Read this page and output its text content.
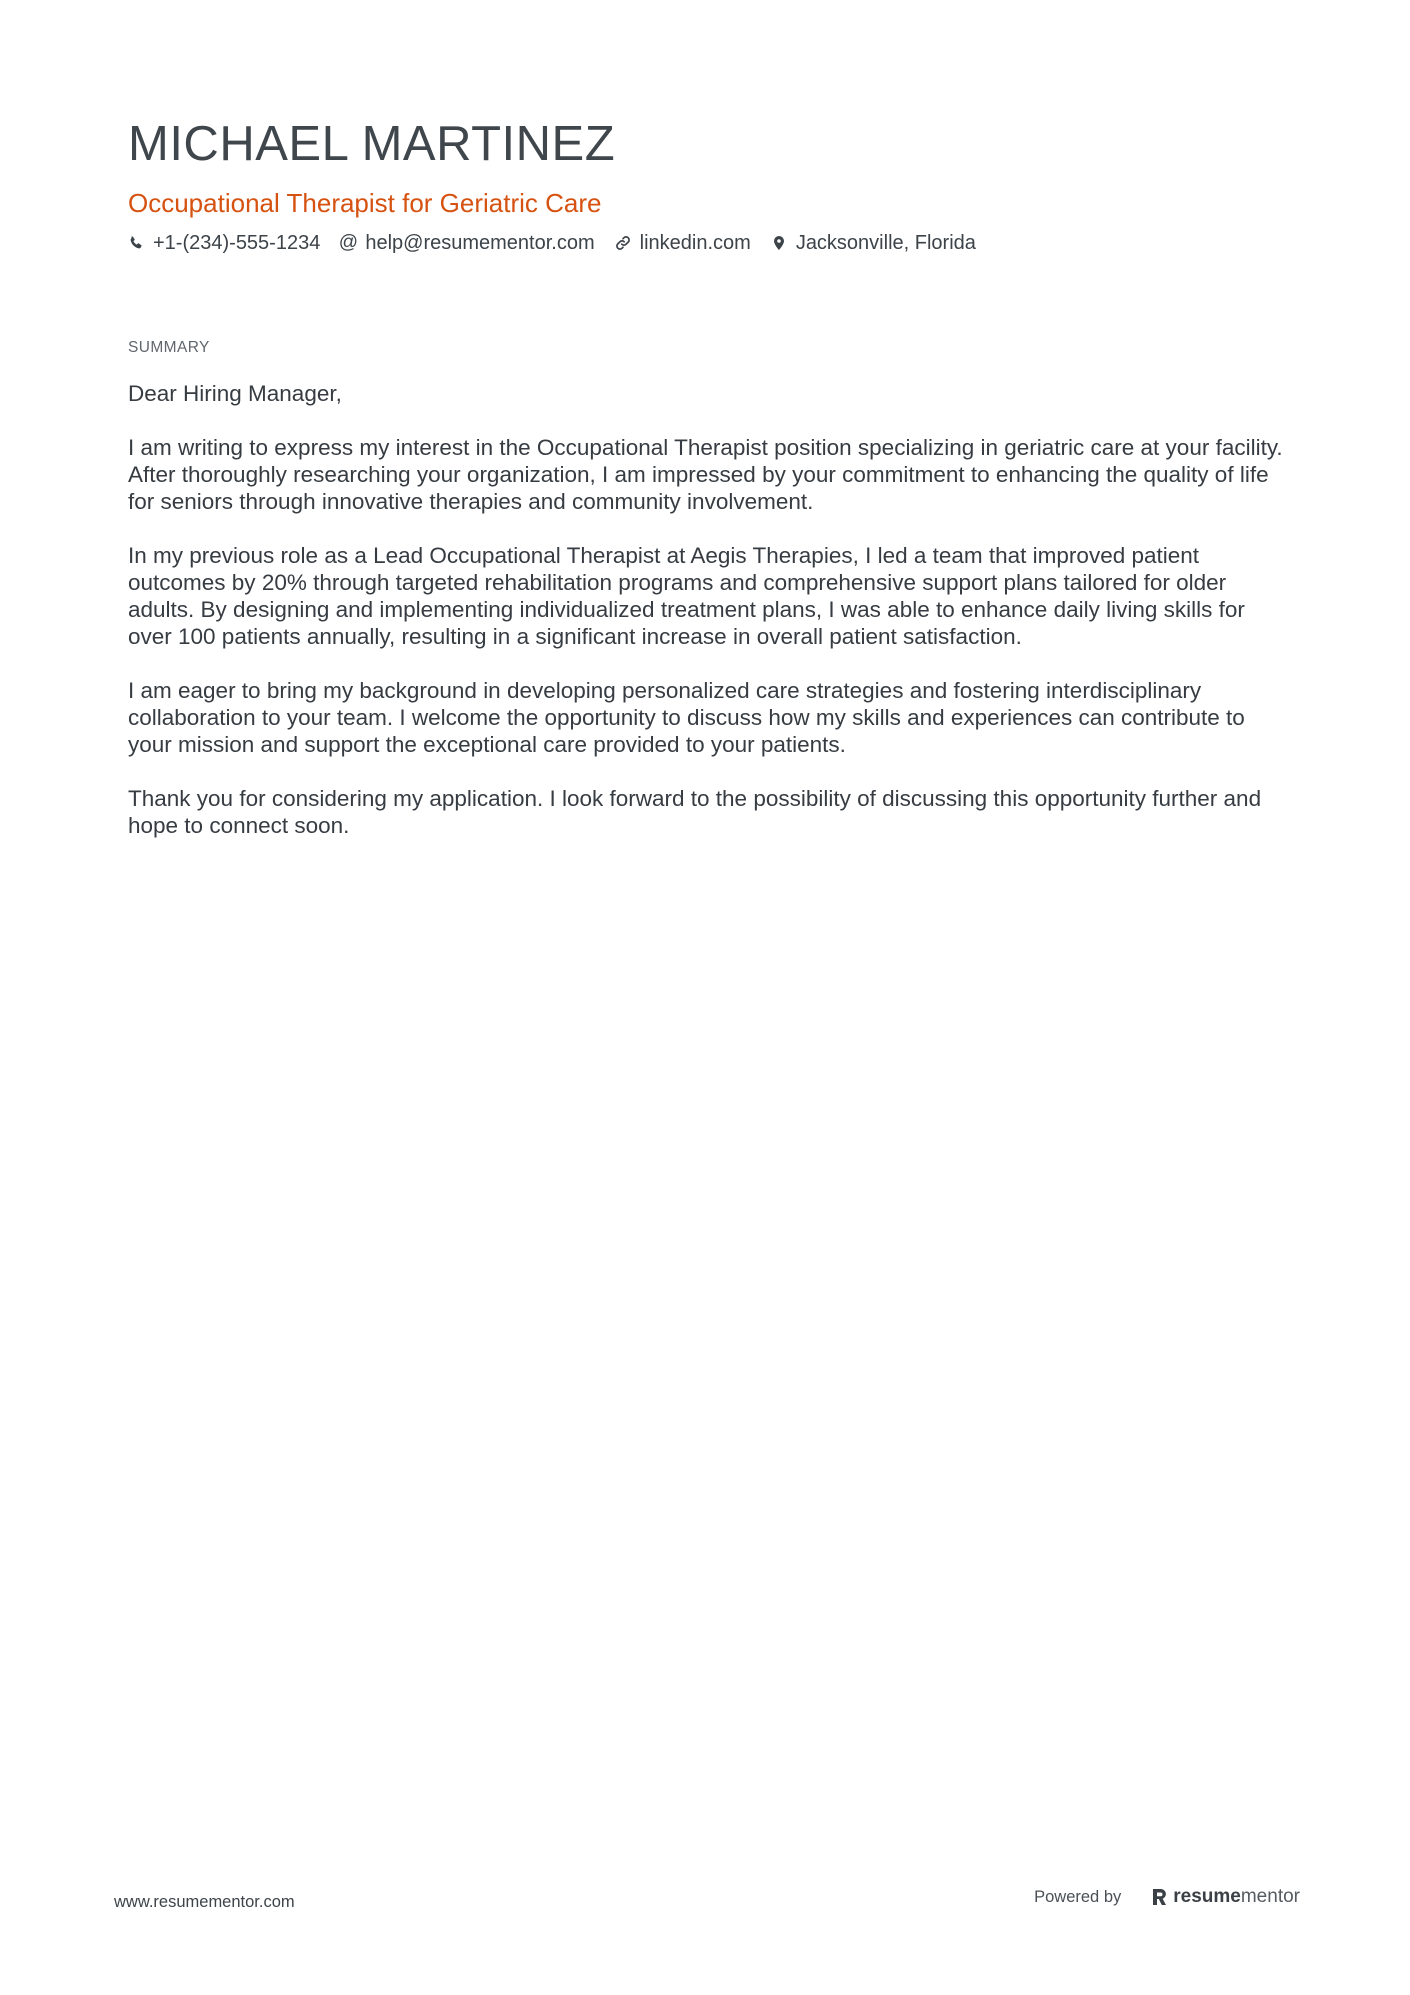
MICHAEL MARTINEZ
Occupational Therapist for Geriatric Care
+1-(234)-555-1234 @ help@resumementor.com linkedin.com Jacksonville, Florida
SUMMARY

Dear Hiring Manager,

I am writing to express my interest in the Occupational Therapist position specializing in geriatric care at your facility. After thoroughly researching your organization, I am impressed by your commitment to enhancing the quality of life for seniors through innovative therapies and community involvement.

In my previous role as a Lead Occupational Therapist at Aegis Therapies, I led a team that improved patient outcomes by 20% through targeted rehabilitation programs and comprehensive support plans tailored for older adults. By designing and implementing individualized treatment plans, I was able to enhance daily living skills for over 100 patients annually, resulting in a significant increase in overall patient satisfaction.

I am eager to bring my background in developing personalized care strategies and fostering interdisciplinary collaboration to your team. I welcome the opportunity to discuss how my skills and experiences can contribute to your mission and support the exceptional care provided to your patients.

Thank you for considering my application. I look forward to the possibility of discussing this opportunity further and hope to connect soon.

www.resumementor.com	Powered by	resume mentor
